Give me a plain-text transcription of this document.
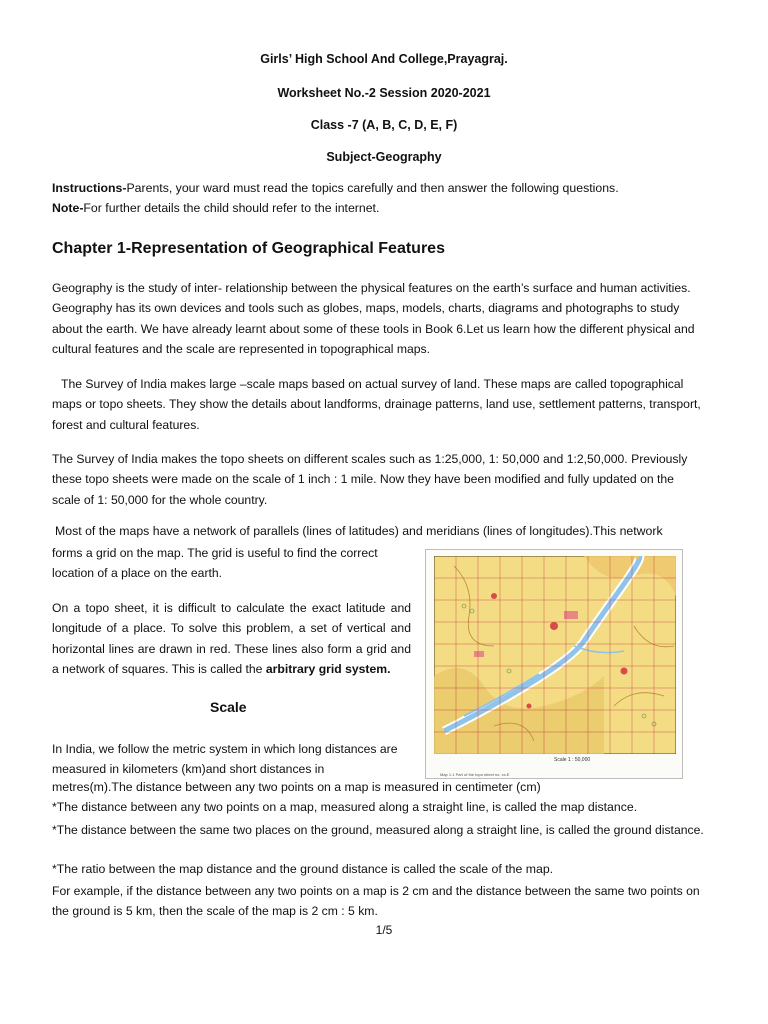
Girls’ High School And College,Prayagraj.
Worksheet No.-2 Session 2020-2021
Class -7 (A, B, C, D, E, F)
Subject-Geography
Instructions-Parents, your ward must read the topics carefully and then answer the following questions.
Note-For further details the child should refer to the internet.
Chapter 1-Representation of Geographical Features
Geography is the study of inter- relationship between the physical features on the earth’s surface and human activities. Geography has its own devices and tools such as globes, maps, models, charts, diagrams and photographs to study about the earth. We have already learnt about some of these tools in Book 6.Let us learn how the different physical and cultural features and the scale are represented in topographical maps.
The Survey of India makes large –scale maps based on actual survey of land. These maps are called topographical maps or topo sheets. They show the details about landforms, drainage patterns, land use, settlement patterns, transport, forest and cultural features.
The Survey of India makes the topo sheets on different scales such as 1:25,000, 1: 50,000 and 1:2,50,000. Previously these topo sheets were made on the scale of 1 inch : 1 mile. Now they have been modified and fully updated on the scale of 1: 50,000 for the whole country.
Most of the maps have a network of parallels (lines of latitudes) and meridians (lines of longitudes).This network
forms a grid on the map. The grid is useful to find the correct location of a place on the earth.
On a topo sheet, it is difficult to calculate the exact latitude and longitude of a place. To solve this problem, a set of vertical and horizontal lines are drawn in red. These lines also form a grid and a network of squares. This is called the arbitrary grid system.
Scale
In India, we follow the metric system in which long distances are measured in kilometers (km)and short distances in
metres(m).The distance between any two points on a map is measured in centimeter (cm)
*The distance between any two points on a map, measured along a straight line, is called the map distance.
*The distance between the same two places on the ground, measured along a straight line, is called the ground distance.
*The ratio between the map distance and the ground distance is called the scale of the map.
For example, if the distance between any two points on a map is 2 cm and the distance between the same two points on the ground is 5 km, then the scale of the map is 2 cm : 5 km.
Scale 1 : 50,000
Map 1.1 Part of the topo sheet no. xx-E
1/5
